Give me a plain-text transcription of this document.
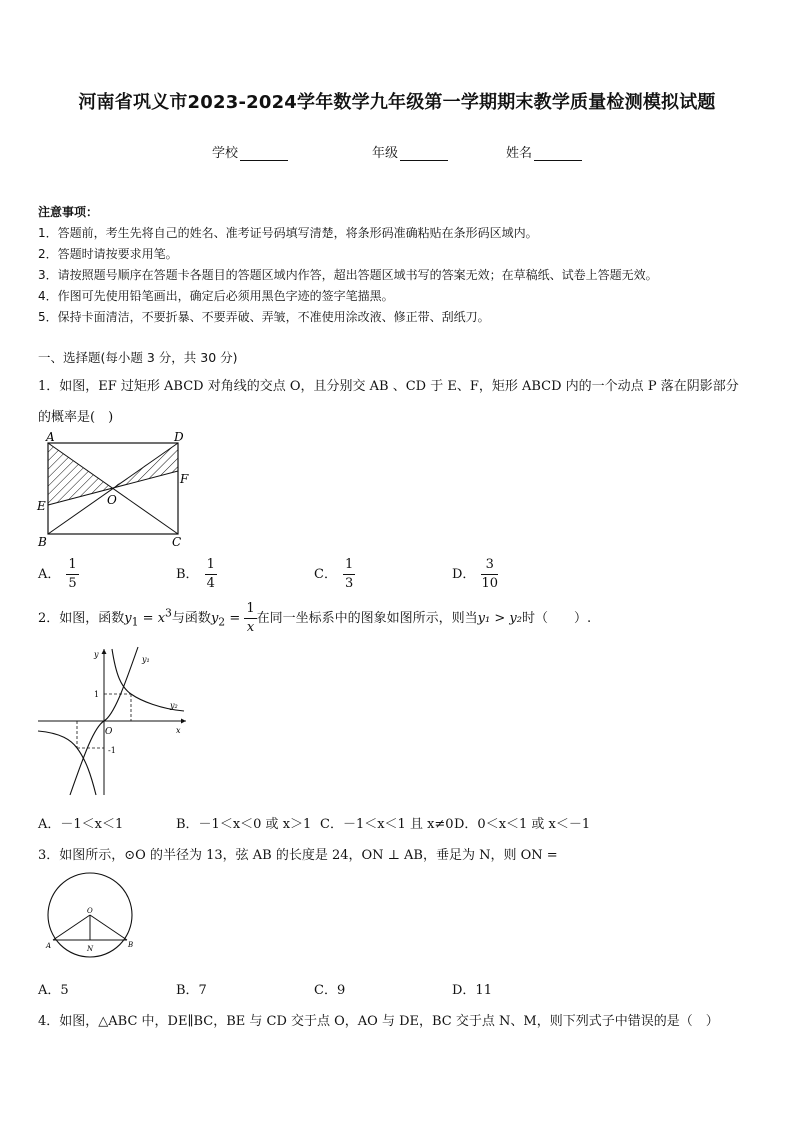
河南省巩义市2023-2024学年数学九年级第一学期期末教学质量检测模拟试题
学校	年级	姓名
注意事项：
1．答题前，考生先将自己的姓名、准考证号码填写清楚，将条形码准确粘贴在条形码区域内。
2．答题时请按要求用笔。
3．请按照题号顺序在答题卡各题目的答题区域内作答，超出答题区域书写的答案无效；在草稿纸、试卷上答题无效。
4．作图可先使用铅笔画出，确定后必须用黑色字迹的签字笔描黑。
5．保持卡面清洁，不要折暴、不要弄破、弄皱，不准使用涂改液、修正带、刮纸刀。
一、选择题(每小题 3 分，共 30 分)
1．如图，EF 过矩形 ABCD 对角线的交点 O，且分别交 AB 、CD 于 E、F，矩形 ABCD 内的一个动点 P 落在阴影部分
的概率是(　)
A	D
F
E	O
B	C
A． $\frac{1}{5}$	B． $\frac{1}{4}$	C． $\frac{1}{3}$	D． $\frac{3}{10}$
2．如图，函数$y_1 = x^3$与函数$y_2 = \frac{1}{x}$ 在同一坐标系中的图象如图所示，则当y₁ > y₂时（　　）.
y
x
O
1
-1
y₁
y₂
A．－1＜x＜1	B．－1＜x＜0 或 x＞1 C．－1＜x＜1 且 x≠0 D．0＜x＜1 或 x＜－1
3．如图所示，⊙O 的半径为 13，弦 AB 的长度是 24，ON ⊥ AB，垂足为 N，则 ON =
O
A	N	B
A．5	B．7	C．9	D．11
4．如图，△ABC 中，DE∥BC，BE 与 CD 交于点 O，AO 与 DE，BC 交于点 N、M，则下列式子中错误的是（　）
